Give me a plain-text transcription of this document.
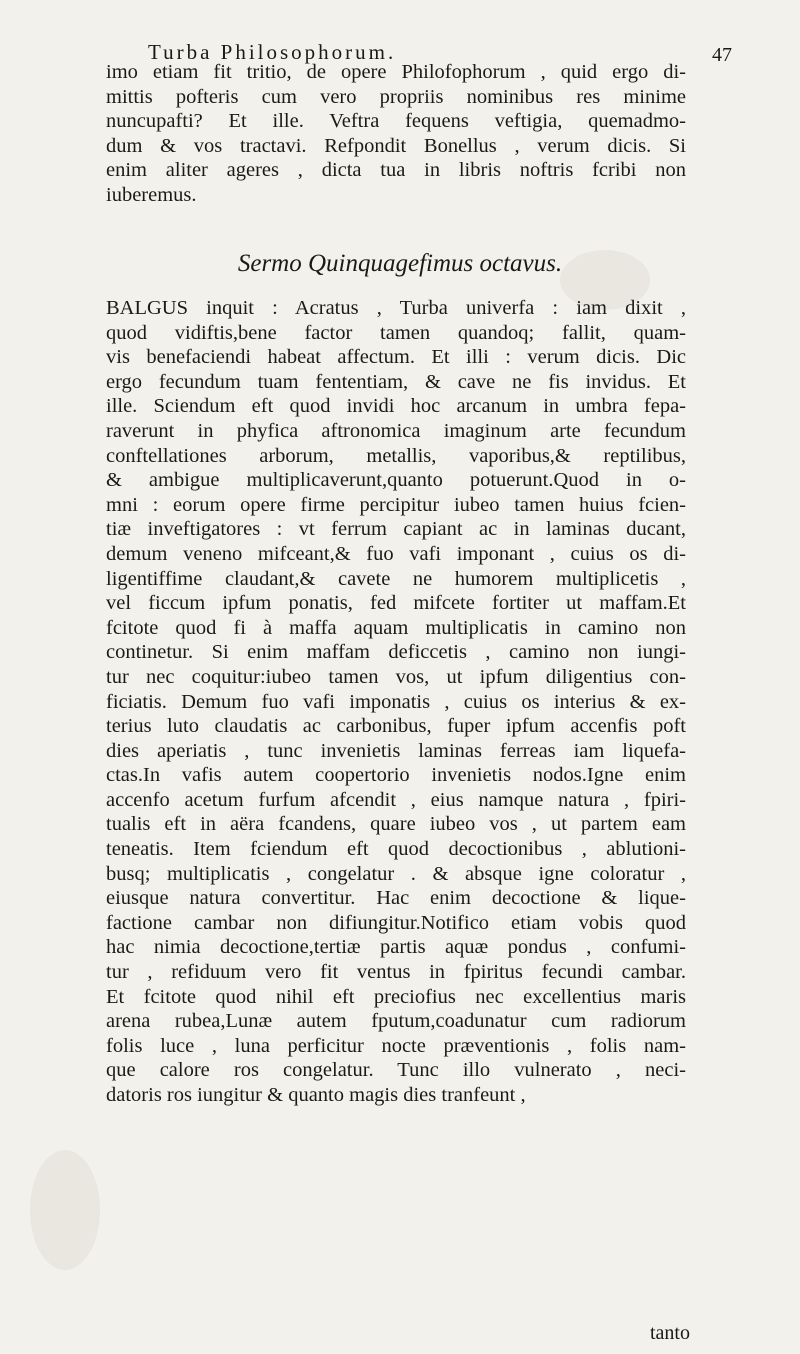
Turba Philosophorum.	47
imo etiam fit tritio, de opere Philofophorum , quid ergo di-
mittis pofteris cum vero propriis nominibus res minime
nuncupafti? Et ille. Veftra fequens veftigia, quemadmo-
dum & vos tractavi. Refpondit Bonellus , verum dicis. Si
enim aliter ageres , dicta tua in libris noftris fcribi non
iuberemus.
Sermo Quinquagefimus octavus.
BALGUS inquit : Acratus , Turba univerfa : iam dixit ,
quod vidiftis,bene factor tamen quandoq; fallit, quam-
vis benefaciendi habeat affectum. Et illi : verum dicis. Dic
ergo fecundum tuam fententiam, & cave ne fis invidus. Et
ille. Sciendum eft quod invidi hoc arcanum in umbra fepa-
raverunt in phyfica aftronomica imaginum arte fecundum
conftellationes arborum, metallis, vaporibus,& reptilibus,
& ambigue multiplicaverunt,quanto potuerunt.Quod in o-
mni : eorum opere firme percipitur iubeo tamen huius fcien-
tiæ inveftigatores : vt ferrum capiant ac in laminas ducant,
demum veneno mifceant,& fuo vafi imponant , cuius os di-
ligentiffime claudant,& cavete ne humorem multiplicetis ,
vel ficcum ipfum ponatis, fed mifcete fortiter ut maffam.Et
fcitote quod fi à maffa aquam multiplicatis in camino non
continetur. Si enim maffam deficcetis , camino non iungi-
tur nec coquitur:iubeo tamen vos, ut ipfum diligentius con-
ficiatis. Demum fuo vafi imponatis , cuius os interius & ex-
terius luto claudatis ac carbonibus, fuper ipfum accenfis poft
dies aperiatis , tunc invenietis laminas ferreas iam liquefa-
ctas.In vafis autem coopertorio invenietis nodos.Igne enim
accenfo acetum furfum afcendit , eius namque natura , fpiri-
tualis eft in aëra fcandens, quare iubeo vos , ut partem eam
teneatis. Item fciendum eft quod decoctionibus , ablutioni-
busq; multiplicatis , congelatur . & absque igne coloratur ,
eiusque natura convertitur. Hac enim decoctione & lique-
factione cambar non difiungitur.Notifico etiam vobis quod
hac nimia decoctione,tertiæ partis aquæ pondus , confumi-
tur , refiduum vero fit ventus in fpiritus fecundi cambar.
Et fcitote quod nihil eft preciofius nec excellentius maris
arena rubea,Lunæ autem fputum,coadunatur cum radiorum
folis luce , luna perficitur nocte præventionis , folis nam-
que calore ros congelatur. Tunc illo vulnerato , neci-
datoris ros iungitur & quanto magis dies tranfeunt ,
tanto
